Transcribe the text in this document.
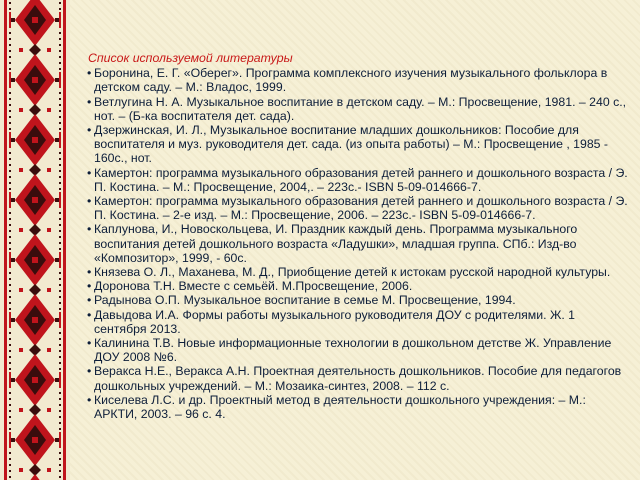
Список используемой литературы
• Боронина, Е. Г. «Оберег». Программа комплексного изучения музыкального фольклора в детском саду. – М.: Владос, 1999.
• Ветлугина Н. А. Музыкальное воспитание в детском саду. – М.: Просвещение, 1981. – 240 с., нот. – (Б-ка воспитателя дет. сада).
• Дзержинская, И. Л., Музыкальное воспитание младших дошкольников: Пособие для воспитателя и муз. руководителя дет. сада. (из опыта работы) – М.: Просвещение , 1985 - 160с., нот.
• Камертон: программа музыкального образования детей раннего и дошкольного возраста / Э. П. Костина. – М.: Просвещение, 2004,. – 223с.- ISBN 5-09-014666-7.
• Камертон: программа музыкального образования детей раннего и дошкольного возраста / Э. П. Костина. – 2-е изд. – М.: Просвещение, 2006. – 223с.- ISBN 5-09-014666-7.
• Каплунова, И., Новоскольцева, И. Праздник каждый день. Программа музыкального воспитания детей дошкольного возраста «Ладушки», младшая группа. СПб.: Изд-во «Композитор», 1999, - 60с.
• Князева О. Л., Маханева, М. Д., Приобщение детей к истокам русской народной культуры.
• Доронова Т.Н. Вместе с семьёй. М.Просвещение, 2006.
• Радынова О.П. Музыкальное воспитание в семье М. Просвещение, 1994.
• Давыдова И.А. Формы работы музыкального руководителя ДОУ с родителями. Ж. 1 сентября 2013.
• Калинина Т.В. Новые информационные технологии в дошкольном детстве Ж. Управление ДОУ 2008 №6.
• Веракса Н.Е., Веракса А.Н. Проектная деятельность дошкольников. Пособие для педагогов дошкольных учреждений. – М.: Мозаика-синтез, 2008. – 112 с.
• Киселева Л.С. и др. Проектный метод в деятельности дошкольного учреждения: – М.: АРКТИ, 2003. – 96 с. 4.
